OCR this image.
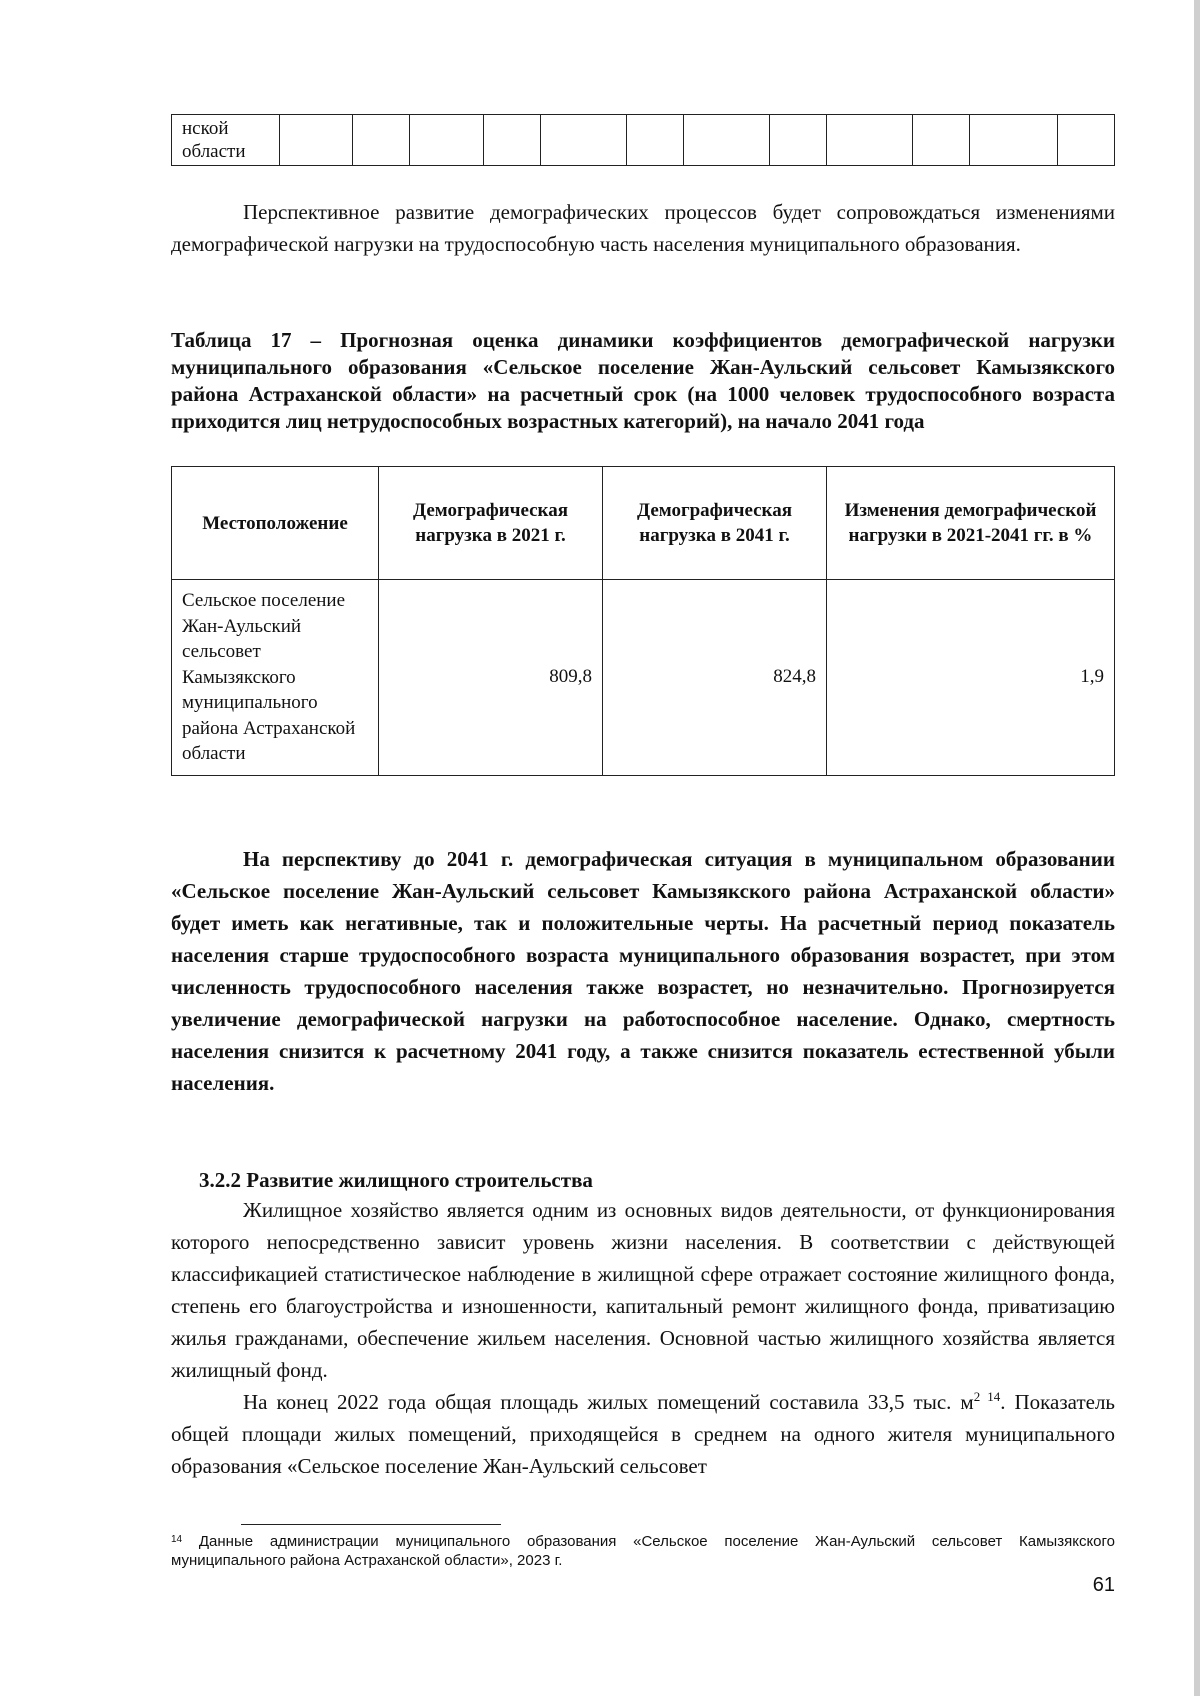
нской области												

Перспективное развитие демографических процессов будет сопровождаться изменениями демографической нагрузки на трудоспособную часть населения муниципального образования.

Таблица 17 – Прогнозная оценка динамики коэффициентов демографической нагрузки муниципального образования «Сельское поселение Жан-Аульский сельсовет Камызякского района Астраханской области» на расчетный срок (на 1000 человек трудоспособного возраста приходится лиц нетрудоспособных возрастных категорий), на начало 2041 года

Местоположение	Демографическая нагрузка в 2021 г.	Демографическая нагрузка в 2041 г.	Изменения демографической нагрузки в 2021-2041 гг. в %
Сельское поселение Жан-Аульский сельсовет Камызякского муниципального района Астраханской области	809,8	824,8	1,9

На перспективу до 2041 г. демографическая ситуация в муниципальном образовании «Сельское поселение Жан-Аульский сельсовет Камызякского района Астраханской области» будет иметь как негативные, так и положительные черты. На расчетный период показатель населения старше трудоспособного возраста муниципального образования возрастет, при этом численность трудоспособного населения также возрастет, но незначительно. Прогнозируется увеличение демографической нагрузки на работоспособное население. Однако, смертность населения снизится к расчетному 2041 году, а также снизится показатель естественной убыли населения.

3.2.2 Развитие жилищного строительства

Жилищное хозяйство является одним из основных видов деятельности, от функционирования которого непосредственно зависит уровень жизни населения. В соответствии с действующей классификацией статистическое наблюдение в жилищной сфере отражает состояние жилищного фонда, степень его благоустройства и изношенности, капитальный ремонт жилищного фонда, приватизацию жилья гражданами, обеспечение жильем населения. Основной частью жилищного хозяйства является жилищный фонд.

На конец 2022 года общая площадь жилых помещений составила 33,5 тыс. м$^{2 14}$. Показатель общей площади жилых помещений, приходящейся в среднем на одного жителя муниципального образования «Сельское поселение Жан-Аульский сельсовет

$^{14}$ Данные администрации муниципального образования «Сельское поселение Жан-Аульский сельсовет Камызякского муниципального района Астраханской области», 2023 г.
61
